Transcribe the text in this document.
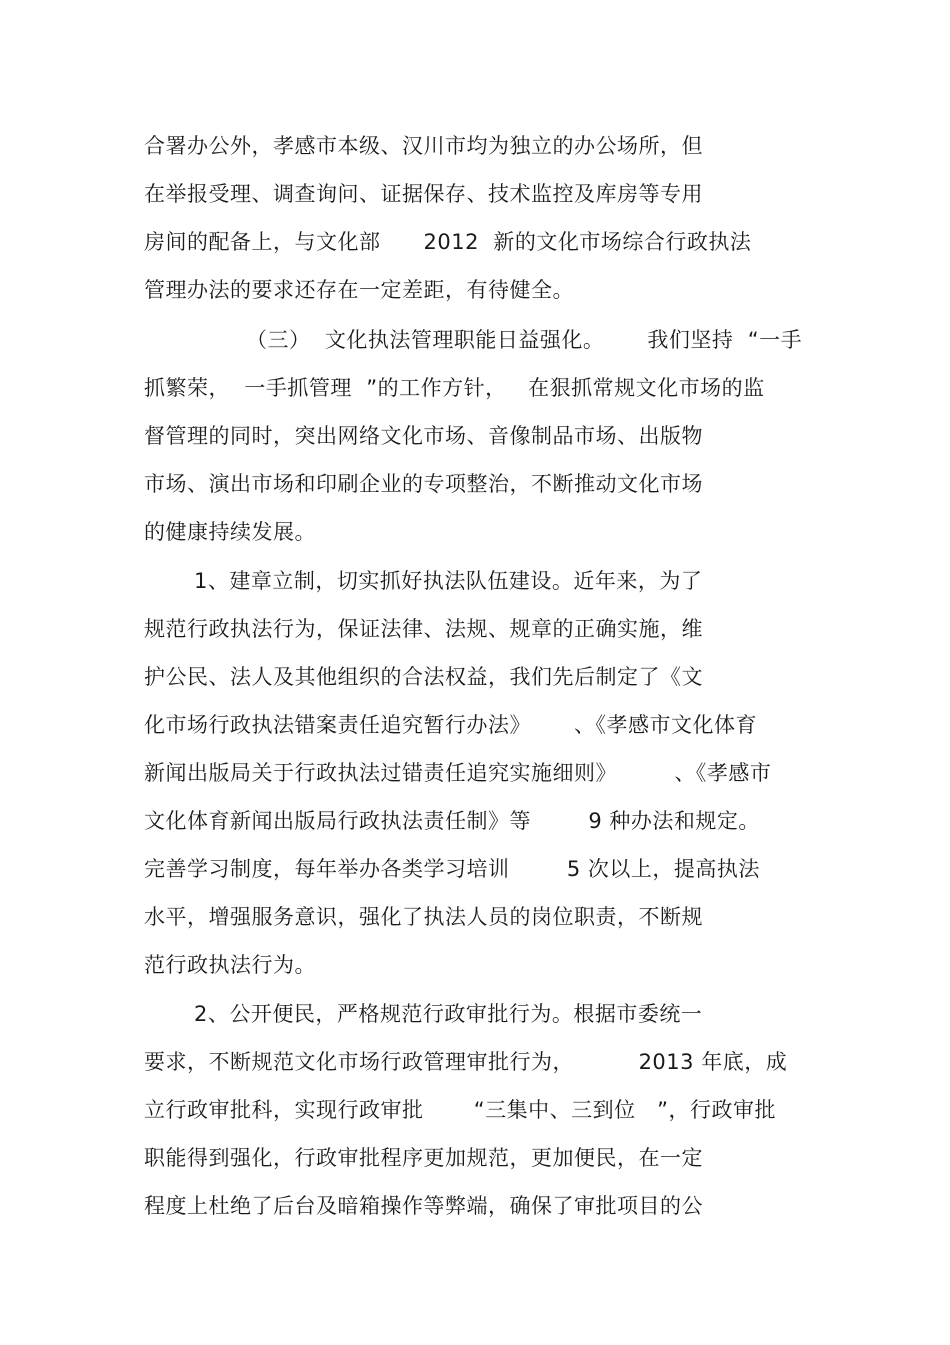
合署办公外，孝感市本级、汉川市均为独立的办公场所，但
在举报受理、调查询问、证据保存、技术监控及库房等专用
房间的配备上，与文化部      2012  新的文化市场综合行政执法
管理办法的要求还存在一定差距，有待健全。
（三）  文化执法管理职能日益强化。      我们坚持  “一手
抓繁荣，  一手抓管理  ”的工作方针，   在狠抓常规文化市场的监
督管理的同时，突出网络文化市场、音像制品市场、出版物
市场、演出市场和印刷企业的专项整治，不断推动文化市场
的健康持续发展。
1、建章立制，切实抓好执法队伍建设。近年来，为了
规范行政执法行为，保证法律、法规、规章的正确实施，维
护公民、法人及其他组织的合法权益，我们先后制定了《文
化市场行政执法错案责任追究暂行办法》      、《孝感市文化体育
新闻出版局关于行政执法过错责任追究实施细则》        、《孝感市
文化体育新闻出版局行政执法责任制》等        9 种办法和规定。
完善学习制度，每年举办各类学习培训        5 次以上，提高执法
水平，增强服务意识，强化了执法人员的岗位职责，不断规
范行政执法行为。
2、公开便民，严格规范行政审批行为。根据市委统一
要求，不断规范文化市场行政管理审批行为，         2013 年底，成
立行政审批科，实现行政审批       “三集中、三到位   ”，行政审批
职能得到强化，行政审批程序更加规范，更加便民，在一定
程度上杜绝了后台及暗箱操作等弊端，确保了审批项目的公
